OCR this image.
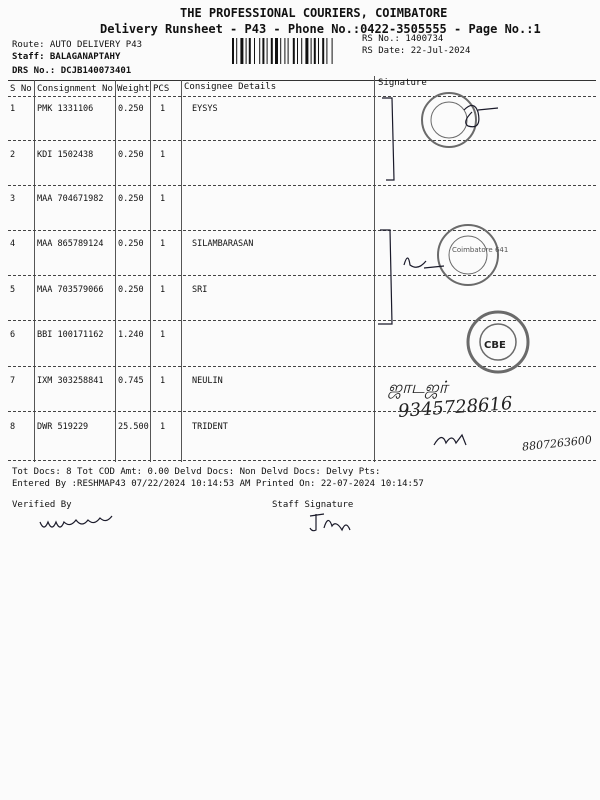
THE PROFESSIONAL COURIERS, COIMBATORE
Delivery Runsheet - P43 - Phone No.:0422-3505555 - Page No.:1
Route: AUTO DELIVERY P43
Staff: BALAGANAPTAHY
DRS No.: DCJB140073401
RS No.: 1400734
RS Date: 22-Jul-2024
S No Consignment No Weight PCS Consignee Details	Signature
1	PMK 1331106	0.250 1	EYSYS
2	KDI 1502438	0.250 1
3	MAA 704671982 0.250 1
4	MAA 865789124 0.250 1	SILAMBARASAN
5	MAA 703579066 0.250 1	SRI
6	BBI 100171162 1.240 1
7	IXM 303258841 0.745 1	NEULIN
8	DWR 519229	25.500 1	TRIDENT
Coimbatore 641
CBE
ஜாடஜர்
9345728616
8807263600
Tot Docs: 8 Tot COD Amt: 0.00 Delvd Docs: Non Delvd Docs: Delvy Pts:
Entered By :RESHMAP43 07/22/2024 10:14:53 AM Printed On: 22-07-2024 10:14:57
Verified By	Staff Signature
